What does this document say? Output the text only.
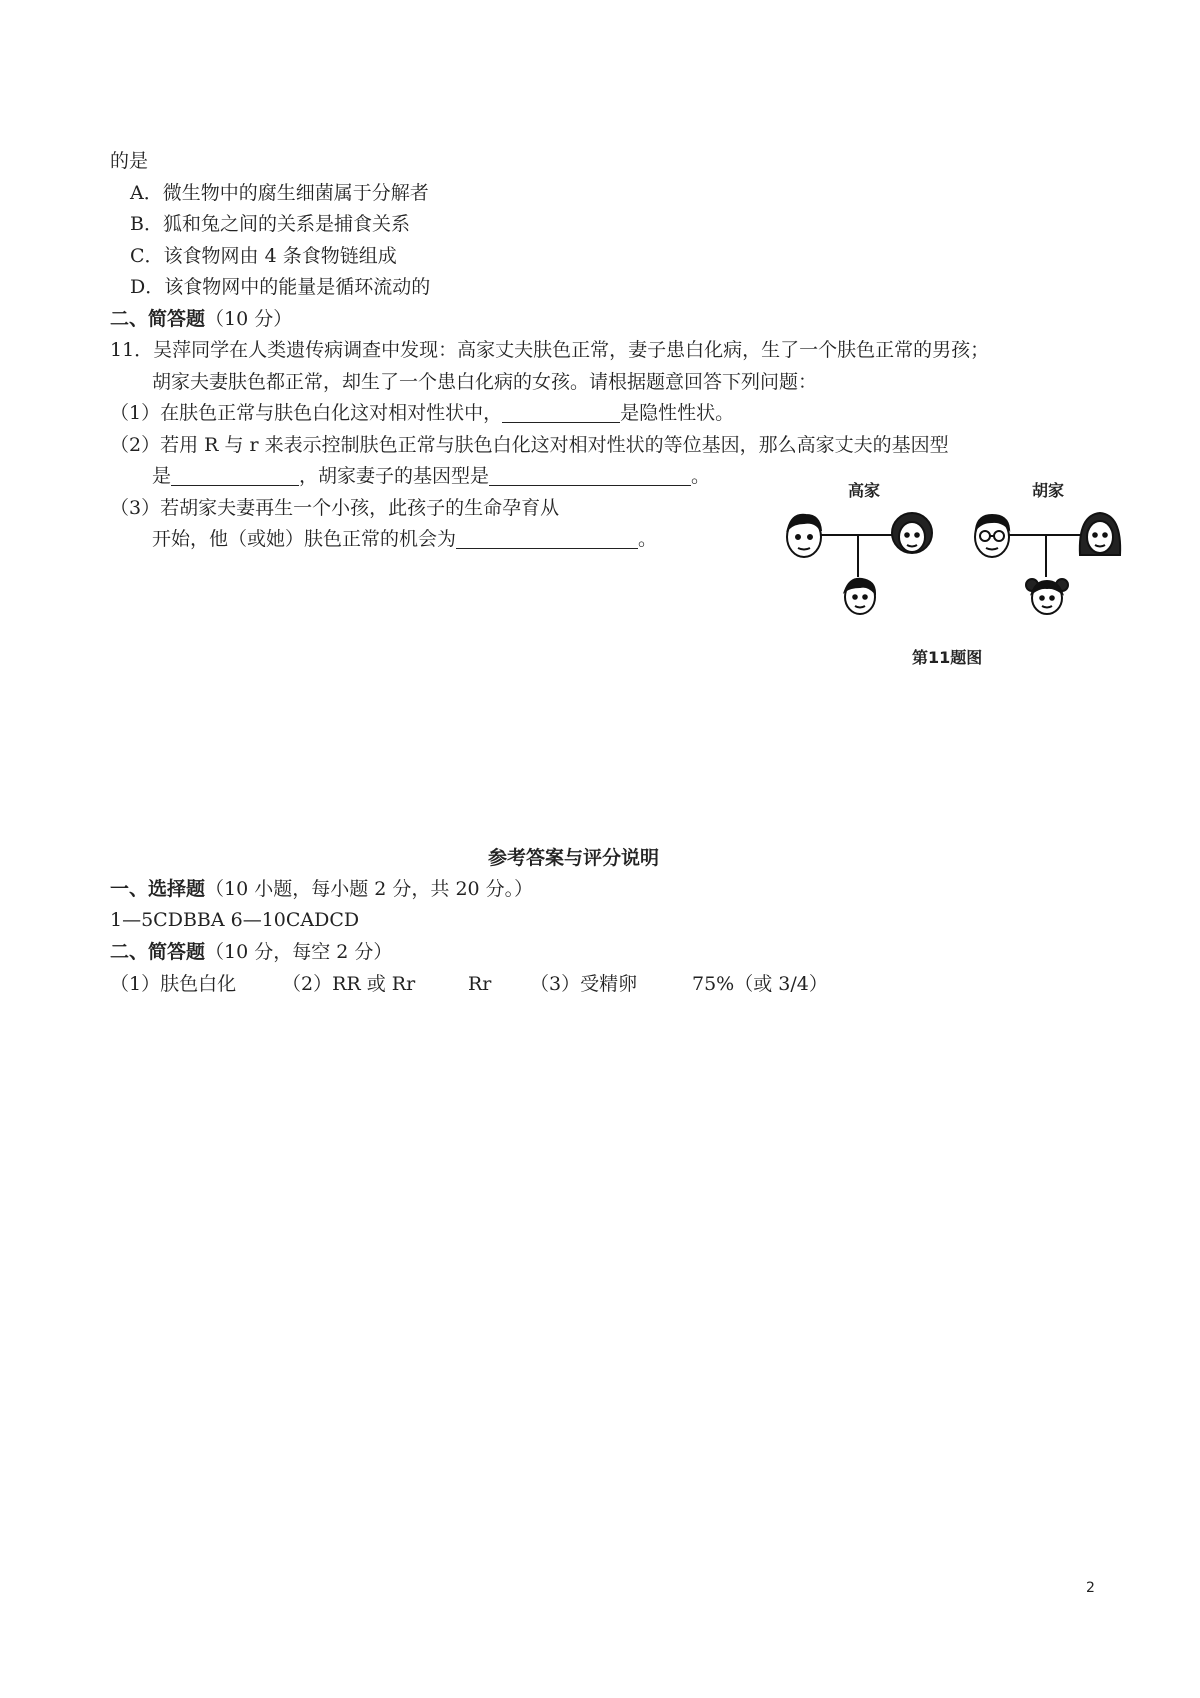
的是
A．微生物中的腐生细菌属于分解者
B．狐和兔之间的关系是捕食关系
C．该食物网由 4 条食物链组成
D．该食物网中的能量是循环流动的
二、简答题（10 分）
11．吴萍同学在人类遗传病调查中发现：高家丈夫肤色正常，妻子患白化病，生了一个肤色正常的男孩；
胡家夫妻肤色都正常，却生了一个患白化病的女孩。请根据题意回答下列问题：
（1）在肤色正常与肤色白化这对相对性状中，	是隐性性状。
（2）若用 R 与 r 来表示控制肤色正常与肤色白化这对相对性状的等位基因，那么高家丈夫的基因型
是	，胡家妻子的基因型是	。
（3）若胡家夫妻再生一个小孩，此孩子的生命孕育从
开始，他（或她）肤色正常的机会为	。
高家	胡家
第11题图
参考答案与评分说明
一、选择题（10 小题，每小题 2 分，共 20 分。）
1—5CDBBA 6—10CADCD
二、简答题（10 分，每空 2 分）
（1）肤色白化 （2）RR 或 Rr	Rr （3）受精卵	75%（或 3/4）
2
